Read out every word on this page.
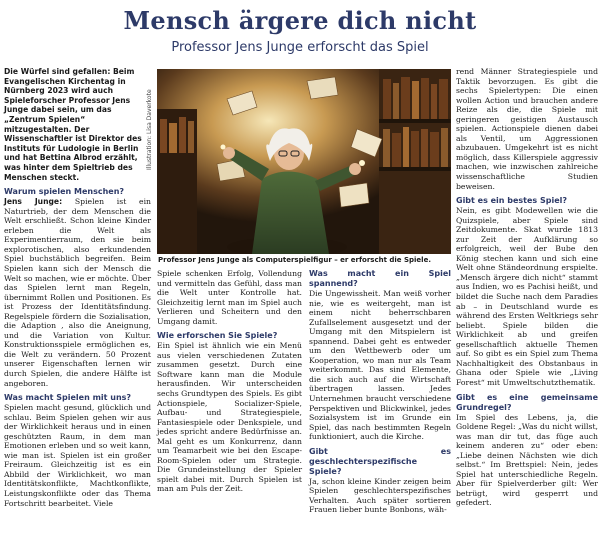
Mensch ärgere dich nicht
Professor Jens Junge erforscht das Spiel

Die Würfel sind gefallen: Beim Evangelischen Kirchentag in Nürnberg 2023 wird auch Spieleforscher Professor Jens Junge dabei sein, um das „Zentrum Spielen“ mitzugestalten. Der Wissenschaftler ist Direktor des Instituts für Ludologie in Berlin und hat Bettina Albrod erzählt, was hinter dem Spieltrieb des Menschen steckt.

Warum spielen Menschen?

Jens Junge: Spielen ist ein Naturtrieb, der dem Menschen die Welt erschließt. Schon kleine Kinder erleben die Welt als Experimentierraum, den sie beim explorotischen, also erkundenden Spiel buchstäblich begreifen. Beim Spielen kann sich der Mensch die Welt so machen, wie er möchte. Über das Spielen lernt man Regeln, übernimmt Rollen und Positionen. Es ist Prozess der Identitätsfindung. Regelspiele fördern die Sozialisation, die Adaption , also die Aneignung, und die Variation von Kultur. Konstruktionsspiele ermöglichen es, die Welt zu verändern. 50 Prozent unserer Eigenschaften lernen wir durch Spielen, die andere Hälfte ist angeboren.

Was macht Spielen mit uns?

Spielen macht gesund, glücklich und schlau. Beim Spielen gehen wir aus der Wirklichkeit heraus und in einen geschützten Raum, in dem man Emotionen erleben und so weit kann, wie man ist. Spielen ist ein großer Freiraum. Gleichzeitig ist es ein Abbild der Wirklichkeit, wo man Identitätskonflikte, Machtkonflikte, Leistungskonflikte oder das Thema Fortschritt bearbeitet. Viele

Illustration: Lisa Daverkote
Professor Jens Junge als Computerspielfigur – er erforscht die Spiele.

Spiele schenken Erfolg, Vollendung und vermitteln das Gefühl, dass man die Welt unter Kontrolle hat. Gleichzeitig lernt man im Spiel auch Verlieren und Scheitern und den Umgang damit.

Wie erforschen Sie Spiele?

Ein Spiel ist ähnlich wie ein Menü aus vielen verschiedenen Zutaten zusammen gesetzt. Durch eine Software kann man die Module herausfinden. Wir unterscheiden sechs Grundtypen des Spiels. Es gibt Actionspiele, Socializer-Spiele, Aufbau- und Strategiespiele, Fantasiespiele oder Denkspiele, und jedes spricht andere Bedürfnisse an. Mal geht es um Konkurrenz, dann um Teamarbeit wie bei den Escape-Room-Spielen oder um Strategie. Die Grundeinstellung der Spieler spielt dabei mit. Durch Spielen ist man am Puls der Zeit.

Was macht ein Spiel spannend?

Die Ungewissheit. Man weiß vorher nie, wie es weitergeht, man ist einem nicht beherrschbaren Zufallselement ausgesetzt und der Umgang mit den Mitspielern ist spannend. Dabei geht es entweder um den Wettbewerb oder um Kooperation, wo man nur als Team weiterkommt. Das sind Elemente, die sich auch auf die Wirtschaft übertragen lassen. Jedes Unternehmen braucht verschiedene Perspektiven und Blickwinkel, jedes Sozialsystem ist im Grunde ein Spiel, das nach bestimmten Regeln funktioniert, auch die Kirche.

Gibt es geschlechterspezifische Spiele?

Ja, schon kleine Kinder zeigen beim Spielen geschlechterspezifisches Verhalten. Auch später sortieren Frauen lieber bunte Bonbons, wäh-

rend Männer Strategiespiele und Taktik bevorzugen. Es gibt die sechs Spielertypen: Die einen wollen Action und brauchen andere Reize als die, die Spiele mit geringeren geistigen Austausch spielen. Actionspiele dienen dabei als Ventil, um Aggressionen abzubauen. Umgekehrt ist es nicht möglich, dass Killerspiele aggressiv machen, wie inzwischen zahlreiche wissenschaftliche Studien beweisen.

Gibt es ein bestes Spiel?

Nein, es gibt Modewellen wie die Quizspiele, aber Spiele sind Zeitdokumente. Skat wurde 1813 zur Zeit der Aufklärung so erfolgreich, weil der Bube den König stechen kann und sich eine Welt ohne Ständeordnung erspielte. „Mensch ärgere dich nicht“ stammt aus Indien, wo es Pachisi heißt, und bildet die Suche nach dem Paradies ab – in Deutschland wurde es während des Ersten Weltkriegs sehr beliebt. Spiele bilden die Wirklichkeit ab und greifen gesellschaftlich aktuelle Themen auf. So gibt es ein Spiel zum Thema Nachhaltigkeit des Obstanbaus in Ghana oder Spiele wie „Living Forest“ mit Umweltschutzthematik.

Gibt es eine gemeinsame Grundregel?

Im Spiel des Lebens, ja, die Goldene Regel: „Was du nicht willst, was man dir tut, das füge auch keinem anderen zu“ oder eben: „Liebe deinen Nächsten wie dich selbst.“ Im Brettspiel: Nein, jedes Spiel hat unterschiedliche Regeln. Aber für Spielverderber gilt: Wer betrügt, wird gesperrt und gefedert.
